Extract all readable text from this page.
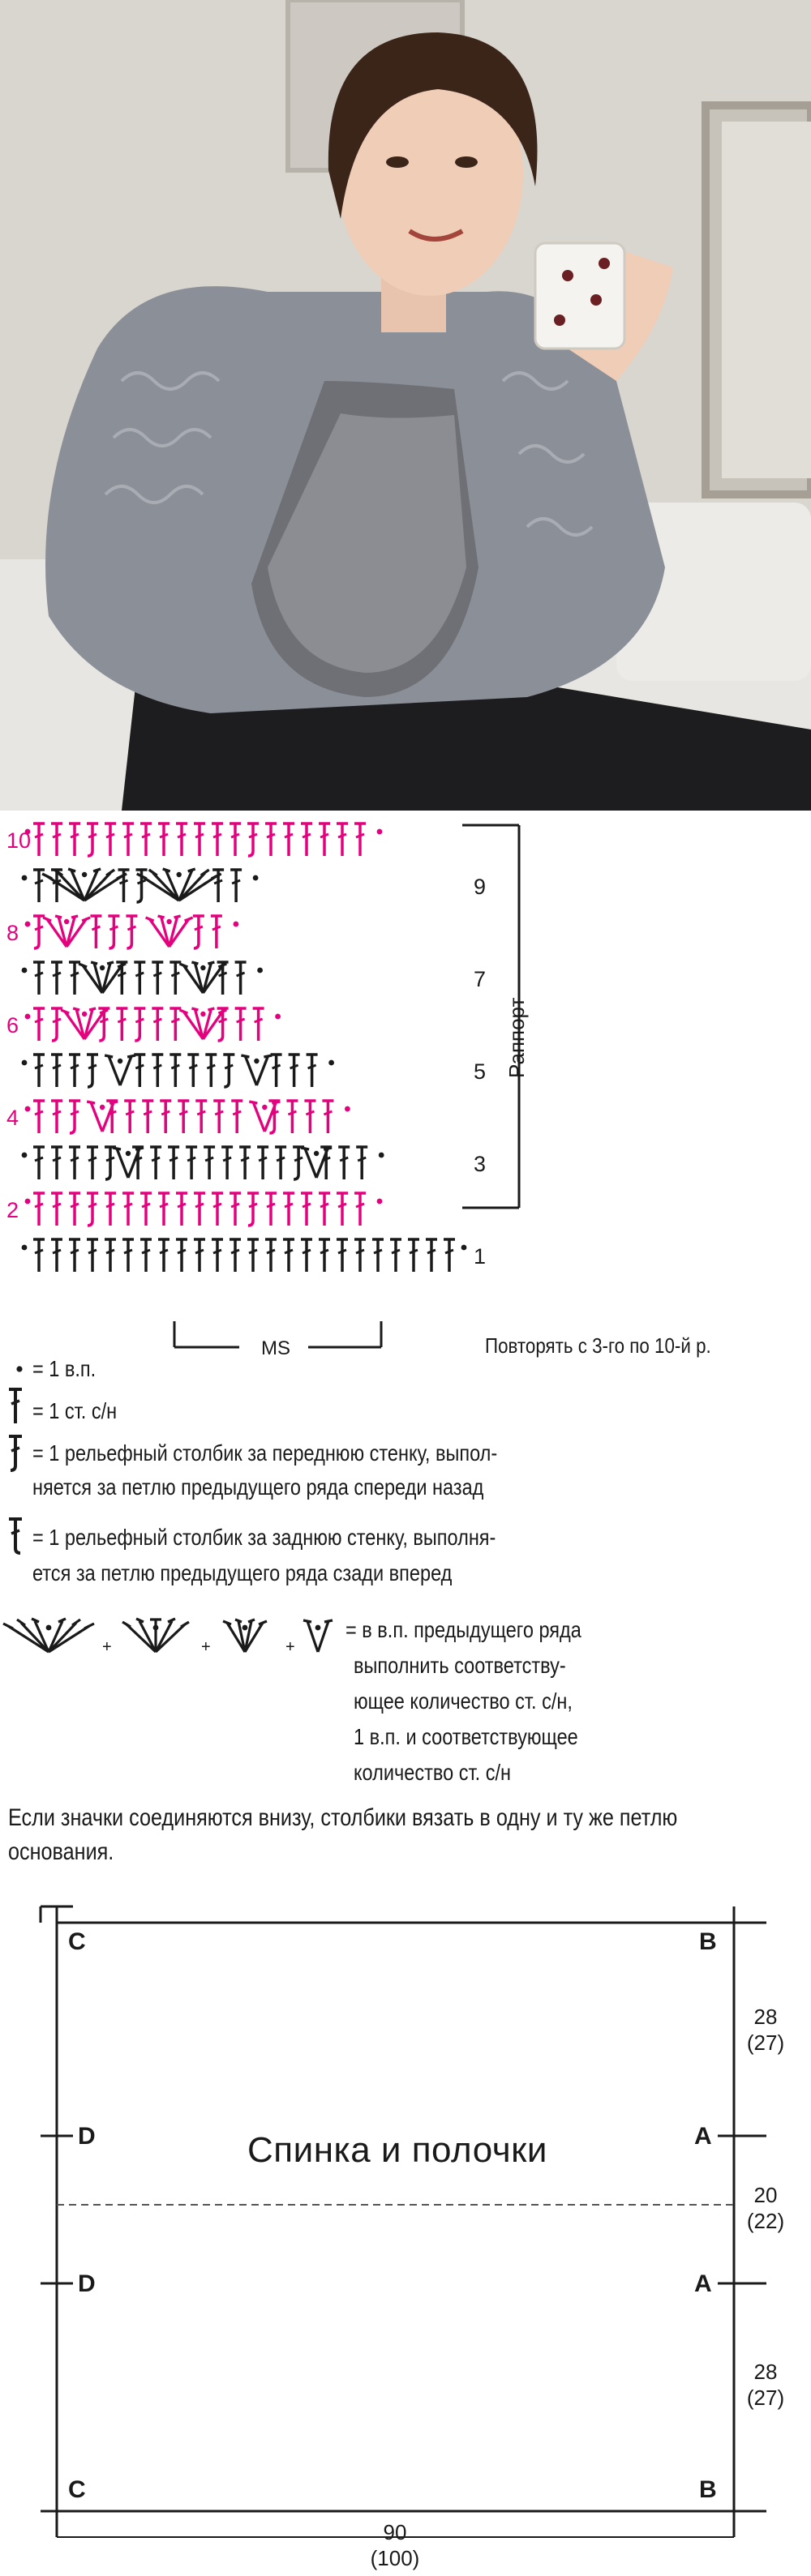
10
9
8
7
6
5
4
3
2
1
Раппорт
MS	Повторять с 3-го по 10-й р.
= 1 в.п.
= 1 ст. с/н
= 1 рельефный столбик за переднюю стенку, выпол-
няется за петлю предыдущего ряда спереди назад
= 1 рельефный столбик за заднюю стенку, выполня-
ется за петлю предыдущего ряда сзади вперед
+	+	+
= в в.п. предыдущего ряда
выполнить соответству-
ющее количество ст. с/н,
1 в.п. и соответствующее
количество ст. с/н
Если значки соединяются внизу, столбики вязать в одну и ту же петлю основания.
Спинка и полочки
C	B
D	A
D	A
C	B
28
(27)
20
(22)
28
(27)
90
(100)
